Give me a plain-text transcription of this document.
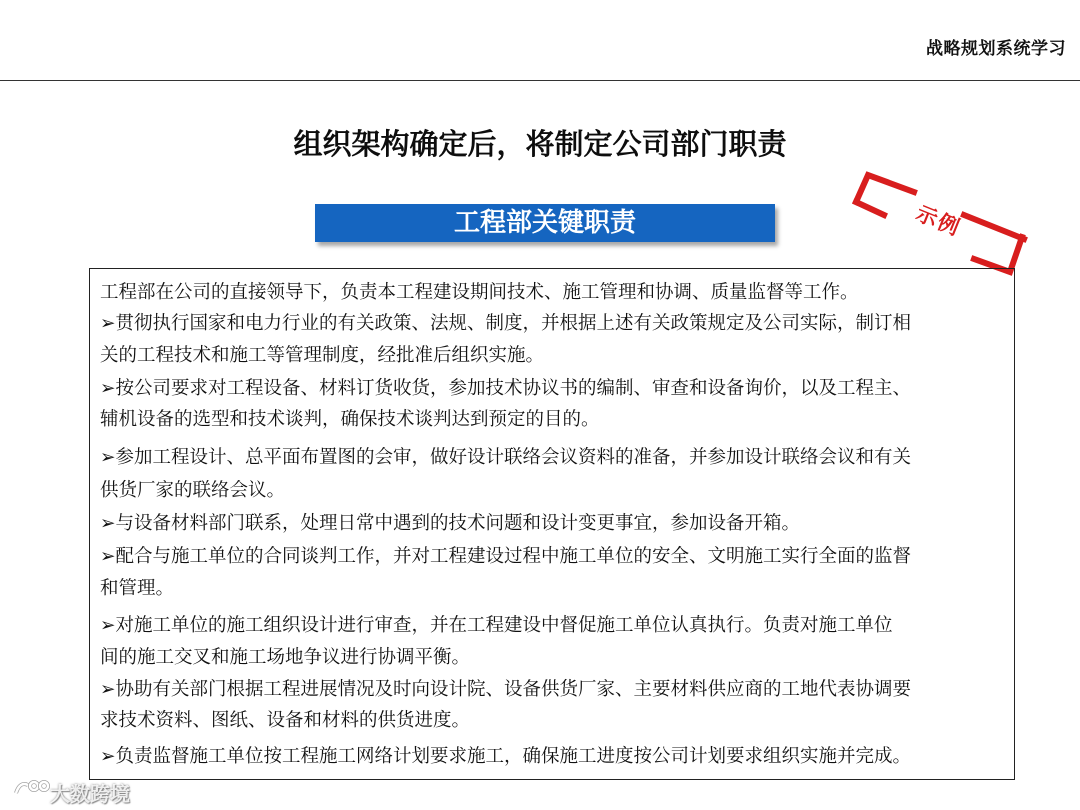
战略规划系统学习
组织架构确定后，将制定公司部门职责
工程部关键职责	示例
工程部在公司的直接领导下，负责本工程建设期间技术、施工管理和协调、质量监督等工作。
➢贯彻执行国家和电力行业的有关政策、法规、制度，并根据上述有关政策规定及公司实际，制订相
关的工程技术和施工等管理制度，经批准后组织实施。
➢按公司要求对工程设备、材料订货收货，参加技术协议书的编制、审查和设备询价，以及工程主、
辅机设备的选型和技术谈判，确保技术谈判达到预定的目的。
➢参加工程设计、总平面布置图的会审，做好设计联络会议资料的准备，并参加设计联络会议和有关
供货厂家的联络会议。
➢与设备材料部门联系，处理日常中遇到的技术问题和设计变更事宜，参加设备开箱。
➢配合与施工单位的合同谈判工作，并对工程建设过程中施工单位的安全、文明施工实行全面的监督
和管理。
➢对施工单位的施工组织设计进行审查，并在工程建设中督促施工单位认真执行。负责对施工单位
间的施工交叉和施工场地争议进行协调平衡。
➢协助有关部门根据工程进展情况及时向设计院、设备供货厂家、主要材料供应商的工地代表协调要
求技术资料、图纸、设备和材料的供货进度。
➢负责监督施工单位按工程施工网络计划要求施工，确保施工进度按公司计划要求组织实施并完成。
大数跨境
